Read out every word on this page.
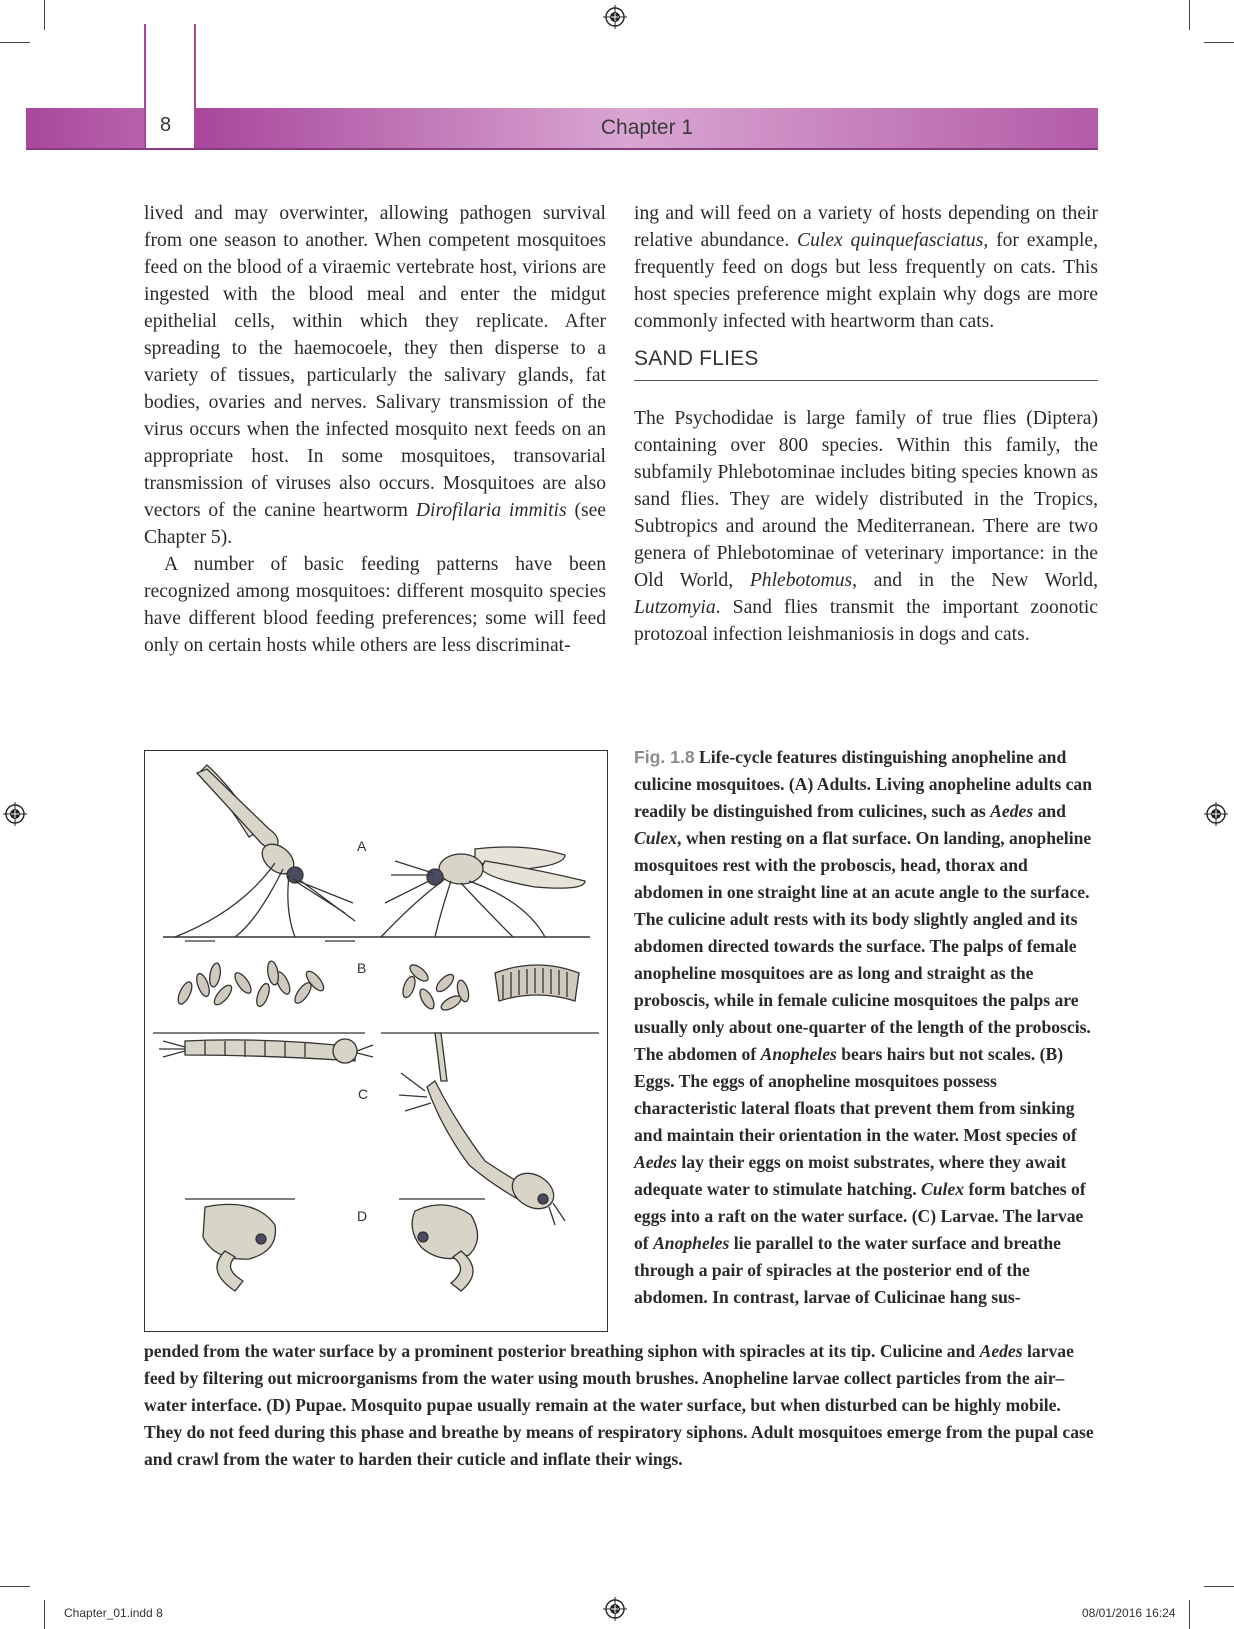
8	Chapter 1

lived and may overwinter, allowing pathogen survival from one season to another. When competent mosquitoes feed on the blood of a viraemic vertebrate host, virions are ingested with the blood meal and enter the midgut epithelial cells, within which they replicate. After spreading to the haemocoele, they then disperse to a variety of tissues, particularly the salivary glands, fat bodies, ovaries and nerves. Salivary transmission of the virus occurs when the infected mosquito next feeds on an appropriate host. In some mosquitoes, transovarial transmission of viruses also occurs. Mosquitoes are also vectors of the canine heartworm Dirofilaria immitis (see Chapter 5).

A number of basic feeding patterns have been recognized among mosquitoes: different mosquito species have different blood feeding preferences; some will feed only on certain hosts while others are less discriminat-

ing and will feed on a variety of hosts depending on their relative abundance. Culex quinquefasciatus, for example, frequently feed on dogs but less frequently on cats. This host species preference might explain why dogs are more commonly infected with heartworm than cats.

SAND FLIES

The Psychodidae is large family of true flies (Diptera) containing over 800 species. Within this family, the subfamily Phlebotominae includes biting species known as sand flies. They are widely distributed in the Tropics, Subtropics and around the Mediterranean. There are two genera of Phlebotominae of veterinary importance: in the Old World, Phlebotomus, and in the New World, Lutzomyia. Sand flies transmit the important zoonotic protozoal infection leishmaniosis in dogs and cats.

A
B
C
D
Fig. 1.8 Life-cycle features distinguishing anopheline and culicine mosquitoes. (A) Adults. Living anopheline adults can readily be distinguished from culicines, such as Aedes and Culex, when resting on a flat surface. On landing, anopheline mosquitoes rest with the proboscis, head, thorax and abdomen in one straight line at an acute angle to the surface. The culicine adult rests with its body slightly angled and its abdomen directed towards the surface. The palps of female anopheline mosquitoes are as long and straight as the proboscis, while in female culicine mosquitoes the palps are usually only about one-quarter of the length of the proboscis. The abdomen of Anopheles bears hairs but not scales. (B) Eggs. The eggs of anopheline mosquitoes possess characteristic lateral floats that prevent them from sinking and maintain their orientation in the water. Most species of Aedes lay their eggs on moist substrates, where they await adequate water to stimulate hatching. Culex form batches of eggs into a raft on the water surface. (C) Larvae. The larvae of Anopheles lie parallel to the water surface and breathe through a pair of spiracles at the posterior end of the abdomen. In contrast, larvae of Culicinae hang sus-
pended from the water surface by a prominent posterior breathing siphon with spiracles at its tip. Culicine and Aedes larvae feed by filtering out microorganisms from the water using mouth brushes. Anopheline larvae collect particles from the air–water interface. (D) Pupae. Mosquito pupae usually remain at the water surface, but when disturbed can be highly mobile. They do not feed during this phase and breathe by means of respiratory siphons. Adult mosquitoes emerge from the pupal case and crawl from the water to harden their cuticle and inflate their wings.
Chapter_01.indd 8	08/01/2016 16:24
